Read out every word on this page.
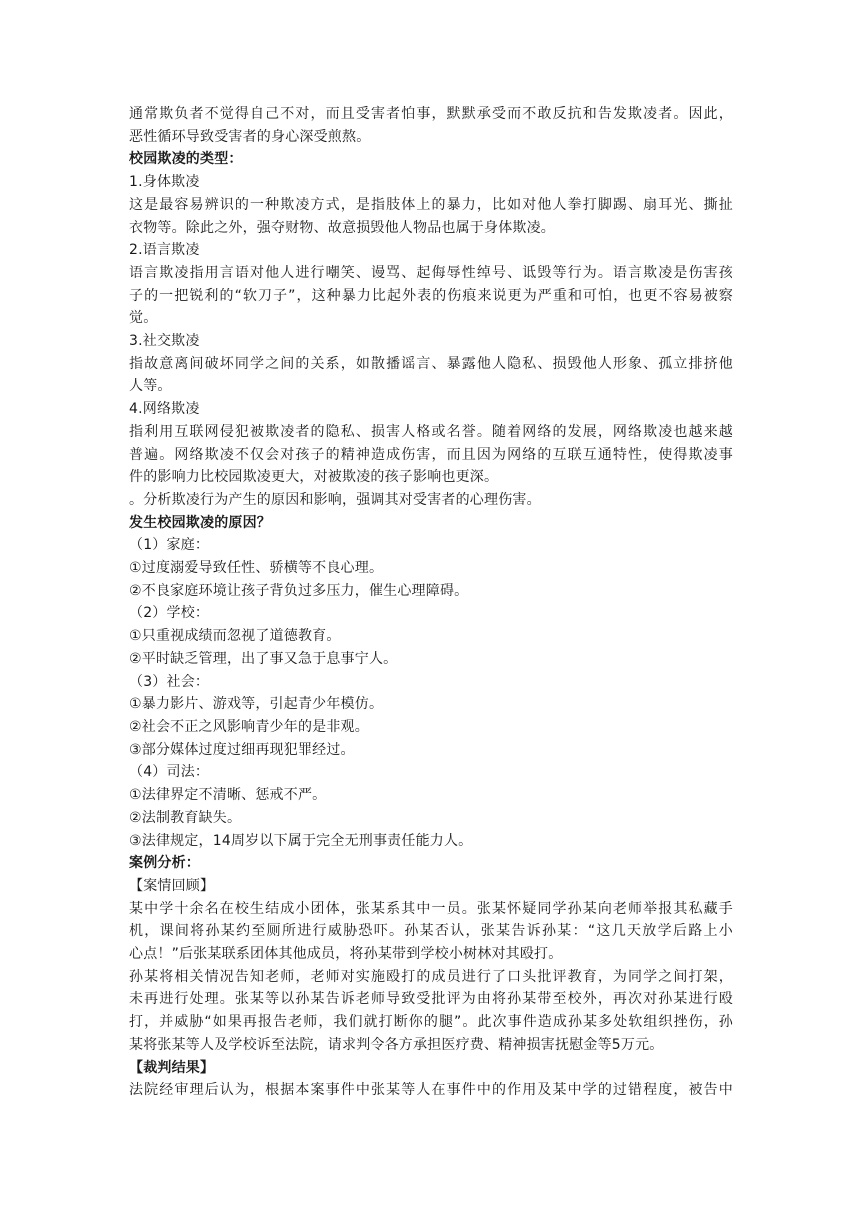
通常欺负者不觉得自己不对，而且受害者怕事，默默承受而不敢反抗和告发欺凌者。因此，
恶性循环导致受害者的身心深受煎熬。
校园欺凌的类型：
1.身体欺凌
这是最容易辨识的一种欺凌方式，是指肢体上的暴力，比如对他人拳打脚踢、扇耳光、撕扯
衣物等。除此之外，强夺财物、故意损毁他人物品也属于身体欺凌。
2.语言欺凌
语言欺凌指用言语对他人进行嘲笑、谩骂、起侮辱性绰号、诋毁等行为。语言欺凌是伤害孩
子的一把锐利的“软刀子”，这种暴力比起外表的伤痕来说更为严重和可怕，也更不容易被察
觉。
3.社交欺凌
指故意离间破坏同学之间的关系，如散播谣言、暴露他人隐私、损毁他人形象、孤立排挤他
人等。
4.网络欺凌
指利用互联网侵犯被欺凌者的隐私、损害人格或名誉。随着网络的发展，网络欺凌也越来越
普遍。网络欺凌不仅会对孩子的精神造成伤害，而且因为网络的互联互通特性，使得欺凌事
件的影响力比校园欺凌更大，对被欺凌的孩子影响也更深。
。分析欺凌行为产生的原因和影响，强调其对受害者的心理伤害。
发生校园欺凌的原因？
（1）家庭：
①过度溺爱导致任性、骄横等不良心理。
②不良家庭环境让孩子背负过多压力，催生心理障碍。
（2）学校：
①只重视成绩而忽视了道德教育。
②平时缺乏管理，出了事又急于息事宁人。
（3）社会：
①暴力影片、游戏等，引起青少年模仿。
②社会不正之风影响青少年的是非观。
③部分媒体过度过细再现犯罪经过。
（4）司法：
①法律界定不清晰、惩戒不严。
②法制教育缺失。
③法律规定，14周岁以下属于完全无刑事责任能力人。
案例分析：
【案情回顾】
某中学十余名在校生结成小团体，张某系其中一员。张某怀疑同学孙某向老师举报其私藏手
机，课间将孙某约至厕所进行威胁恐吓。孙某否认，张某告诉孙某：“这几天放学后路上小
心点！”后张某联系团体其他成员，将孙某带到学校小树林对其殴打。
孙某将相关情况告知老师，老师对实施殴打的成员进行了口头批评教育，为同学之间打架，
未再进行处理。张某等以孙某告诉老师导致受批评为由将孙某带至校外，再次对孙某进行殴
打，并威胁“如果再报告老师，我们就打断你的腿”。此次事件造成孙某多处软组织挫伤，孙
某将张某等人及学校诉至法院，请求判令各方承担医疗费、精神损害抚慰金等5万元。
【裁判结果】
法院经审理后认为，根据本案事件中张某等人在事件中的作用及某中学的过错程度，被告中
